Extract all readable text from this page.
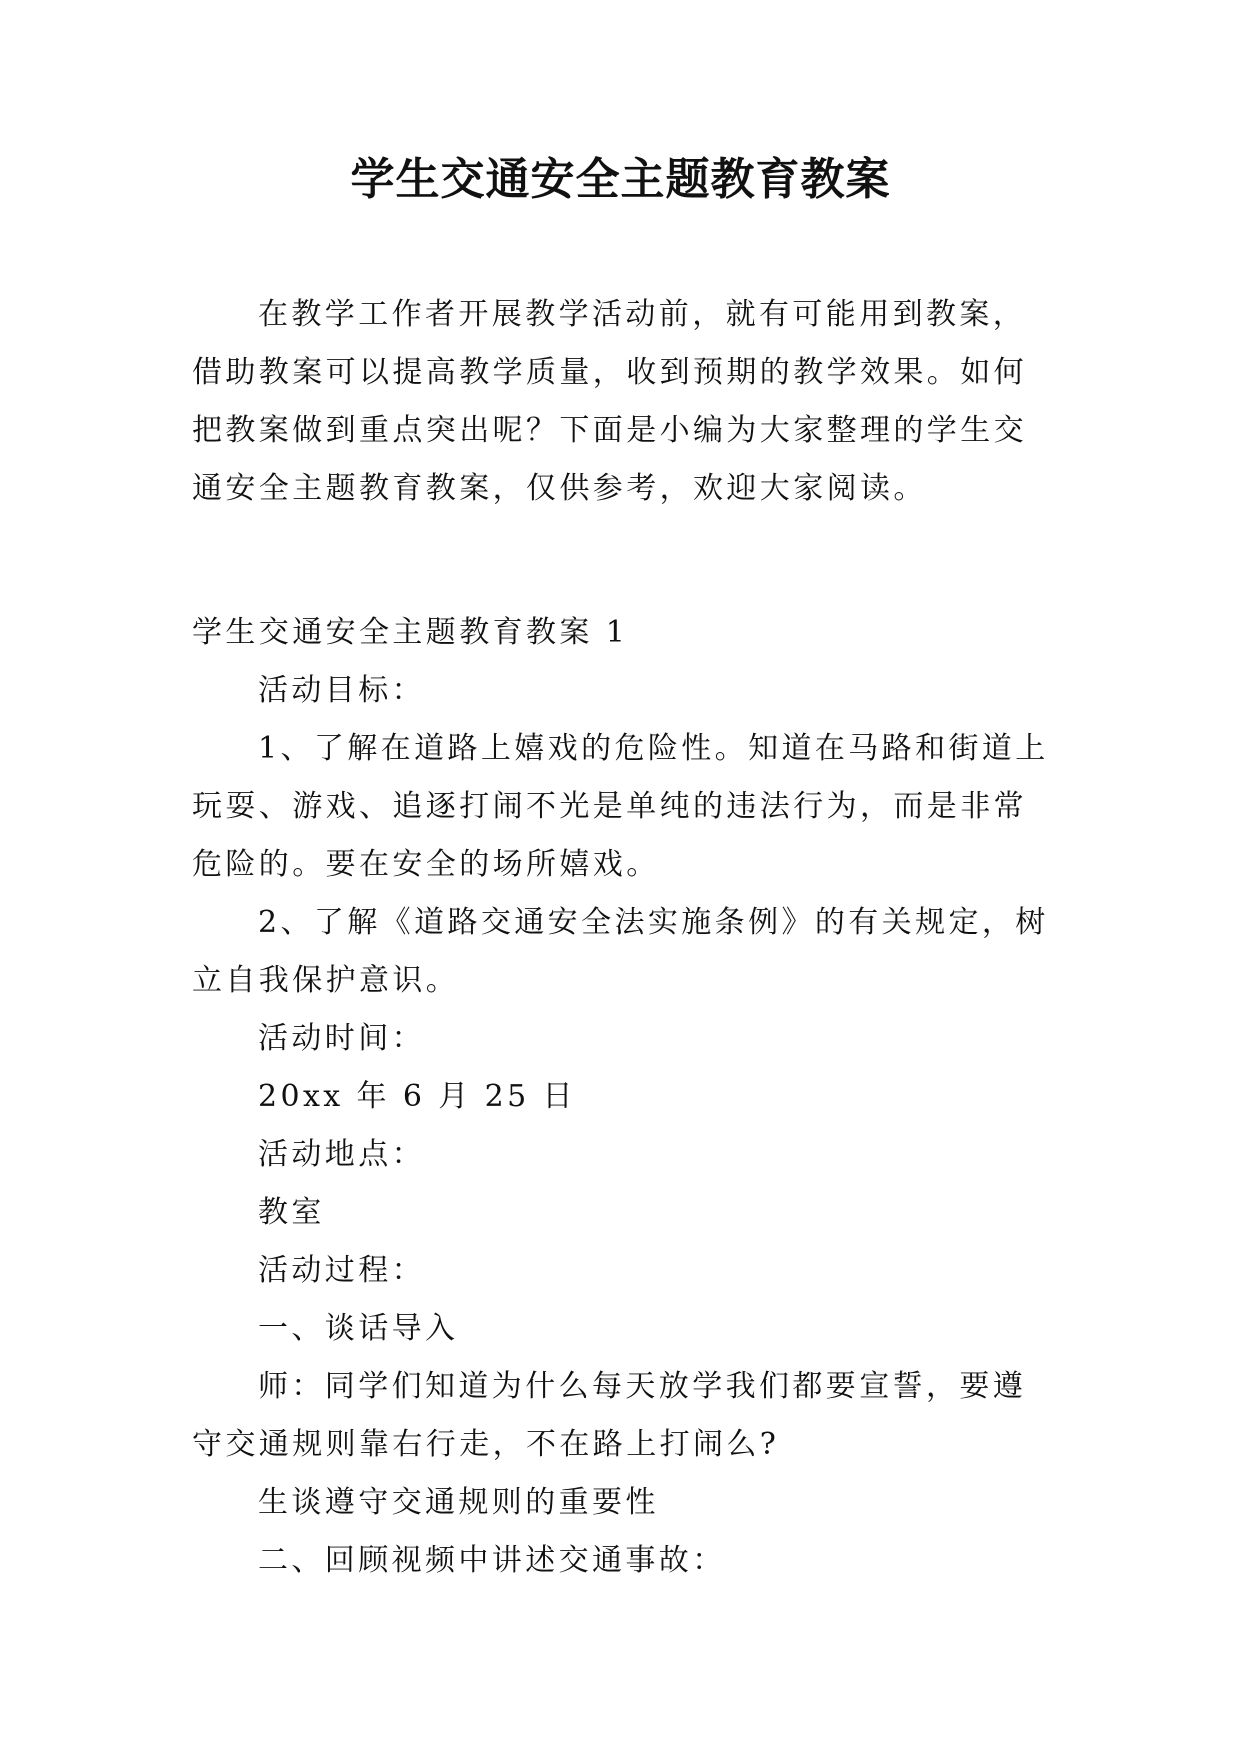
学生交通安全主题教育教案

在教学工作者开展教学活动前，就有可能用到教案，借助教案可以提高教学质量，收到预期的教学效果。如何把教案做到重点突出呢？下面是小编为大家整理的学生交通安全主题教育教案，仅供参考，欢迎大家阅读。

学生交通安全主题教育教案 1

活动目标：

1、了解在道路上嬉戏的危险性。知道在马路和街道上玩耍、游戏、追逐打闹不光是单纯的违法行为，而是非常危险的。要在安全的场所嬉戏。

2、了解《道路交通安全法实施条例》的有关规定，树立自我保护意识。

活动时间：

20xx 年 6 月 25 日

活动地点：

教室

活动过程：

一、谈话导入

师：同学们知道为什么每天放学我们都要宣誓，要遵守交通规则靠右行走，不在路上打闹么?

生谈遵守交通规则的重要性

二、回顾视频中讲述交通事故：
